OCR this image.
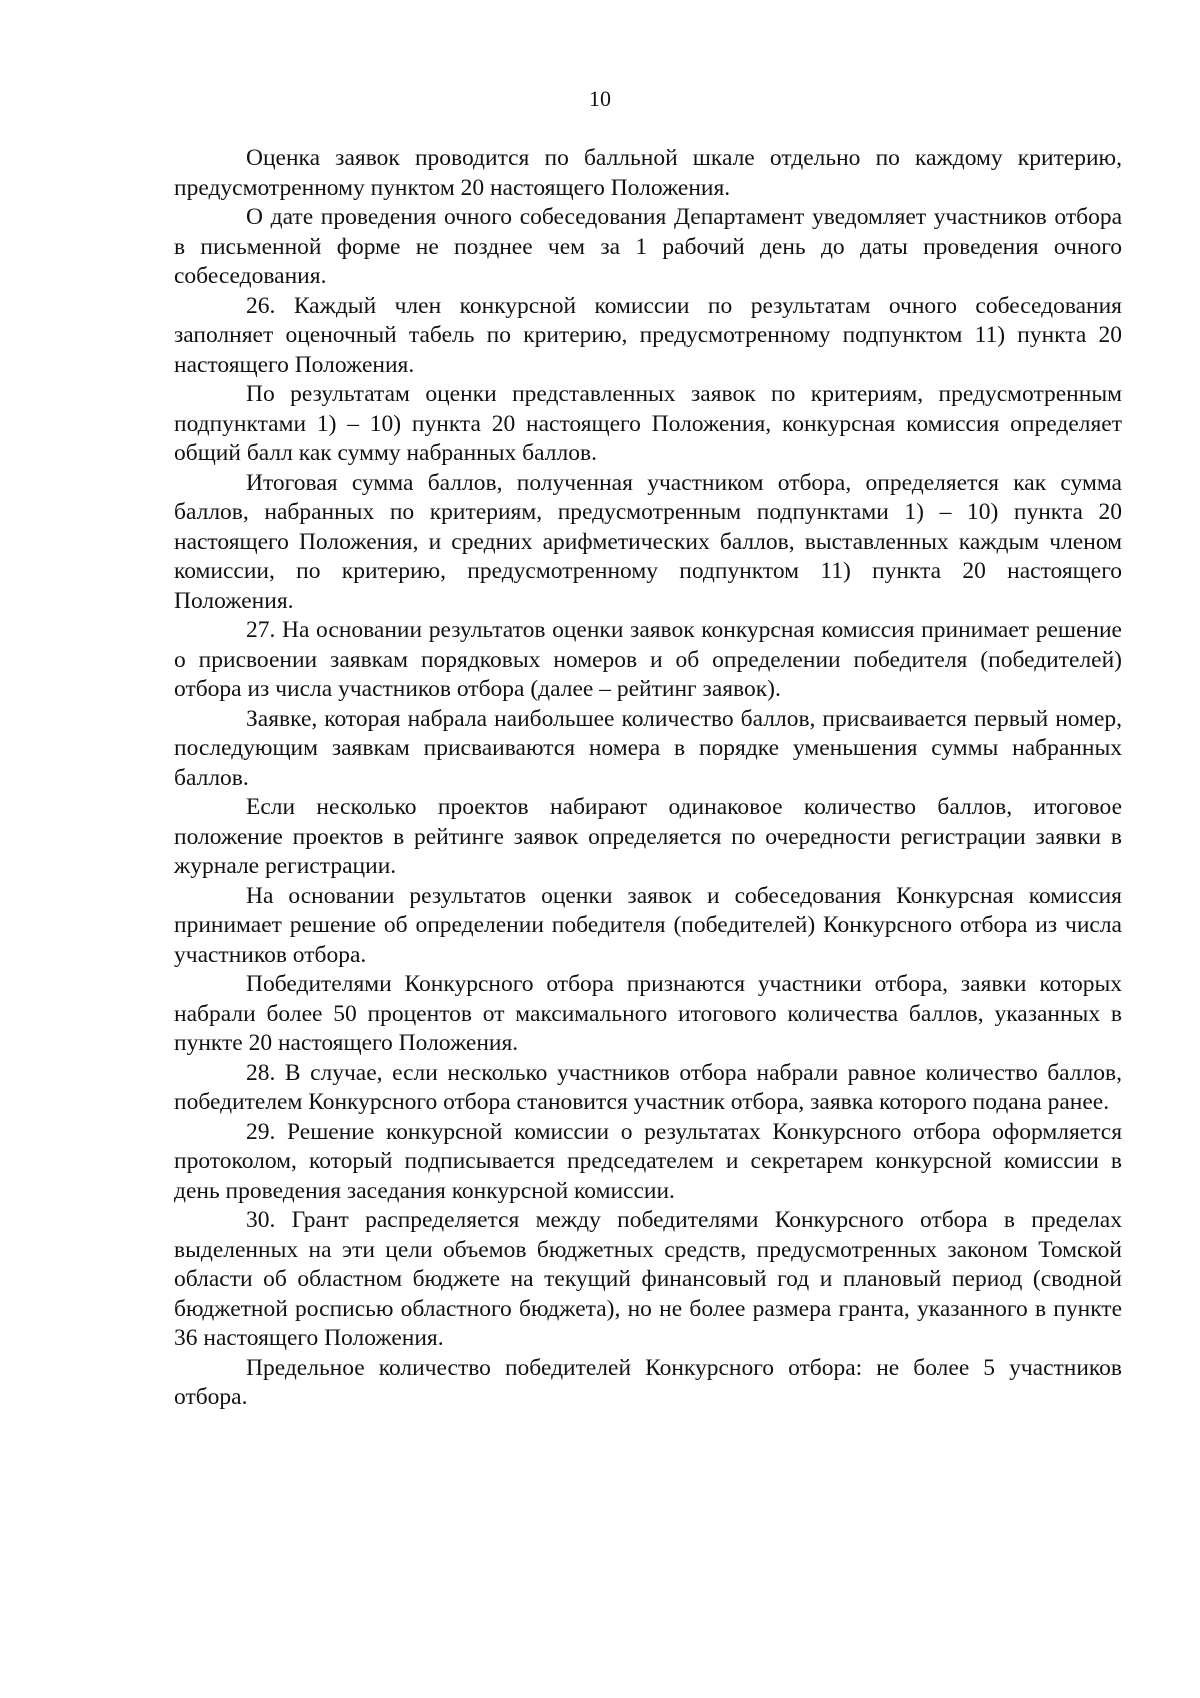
10

Оценка заявок проводится по балльной шкале отдельно по каждому критерию, предусмотренному пунктом 20 настоящего Положения.

О дате проведения очного собеседования Департамент уведомляет участников отбора в письменной форме не позднее чем за 1 рабочий день до даты проведения очного собеседования.

26. Каждый член конкурсной комиссии по результатам очного собеседования заполняет оценочный табель по критерию, предусмотренному подпунктом 11) пункта 20 настоящего Положения.

По результатам оценки представленных заявок по критериям, предусмотренным подпунктами 1) – 10) пункта 20 настоящего Положения, конкурсная комиссия определяет общий балл как сумму набранных баллов.

Итоговая сумма баллов, полученная участником отбора, определяется как сумма баллов, набранных по критериям, предусмотренным подпунктами 1) – 10) пункта 20 настоящего Положения, и средних арифметических баллов, выставленных каждым членом комиссии, по критерию, предусмотренному подпунктом 11) пункта 20 настоящего Положения.

27. На основании результатов оценки заявок конкурсная комиссия принимает решение о присвоении заявкам порядковых номеров и об определении победителя (победителей) отбора из числа участников отбора (далее – рейтинг заявок).

Заявке, которая набрала наибольшее количество баллов, присваивается первый номер, последующим заявкам присваиваются номера в порядке уменьшения суммы набранных баллов.

Если несколько проектов набирают одинаковое количество баллов, итоговое положение проектов в рейтинге заявок определяется по очередности регистрации заявки в журнале регистрации.

На основании результатов оценки заявок и собеседования Конкурсная комиссия принимает решение об определении победителя (победителей) Конкурсного отбора из числа участников отбора.

Победителями Конкурсного отбора признаются участники отбора, заявки которых набрали более 50 процентов от максимального итогового количества баллов, указанных в пункте 20 настоящего Положения.

28. В случае, если несколько участников отбора набрали равное количество баллов, победителем Конкурсного отбора становится участник отбора, заявка которого подана ранее.

29. Решение конкурсной комиссии о результатах Конкурсного отбора оформляется протоколом, который подписывается председателем и секретарем конкурсной комиссии в день проведения заседания конкурсной комиссии.

30. Грант распределяется между победителями Конкурсного отбора в пределах выделенных на эти цели объемов бюджетных средств, предусмотренных законом Томской области об областном бюджете на текущий финансовый год и плановый период (сводной бюджетной росписью областного бюджета), но не более размера гранта, указанного в пункте 36 настоящего Положения.

Предельное количество победителей Конкурсного отбора: не более 5 участников отбора.
